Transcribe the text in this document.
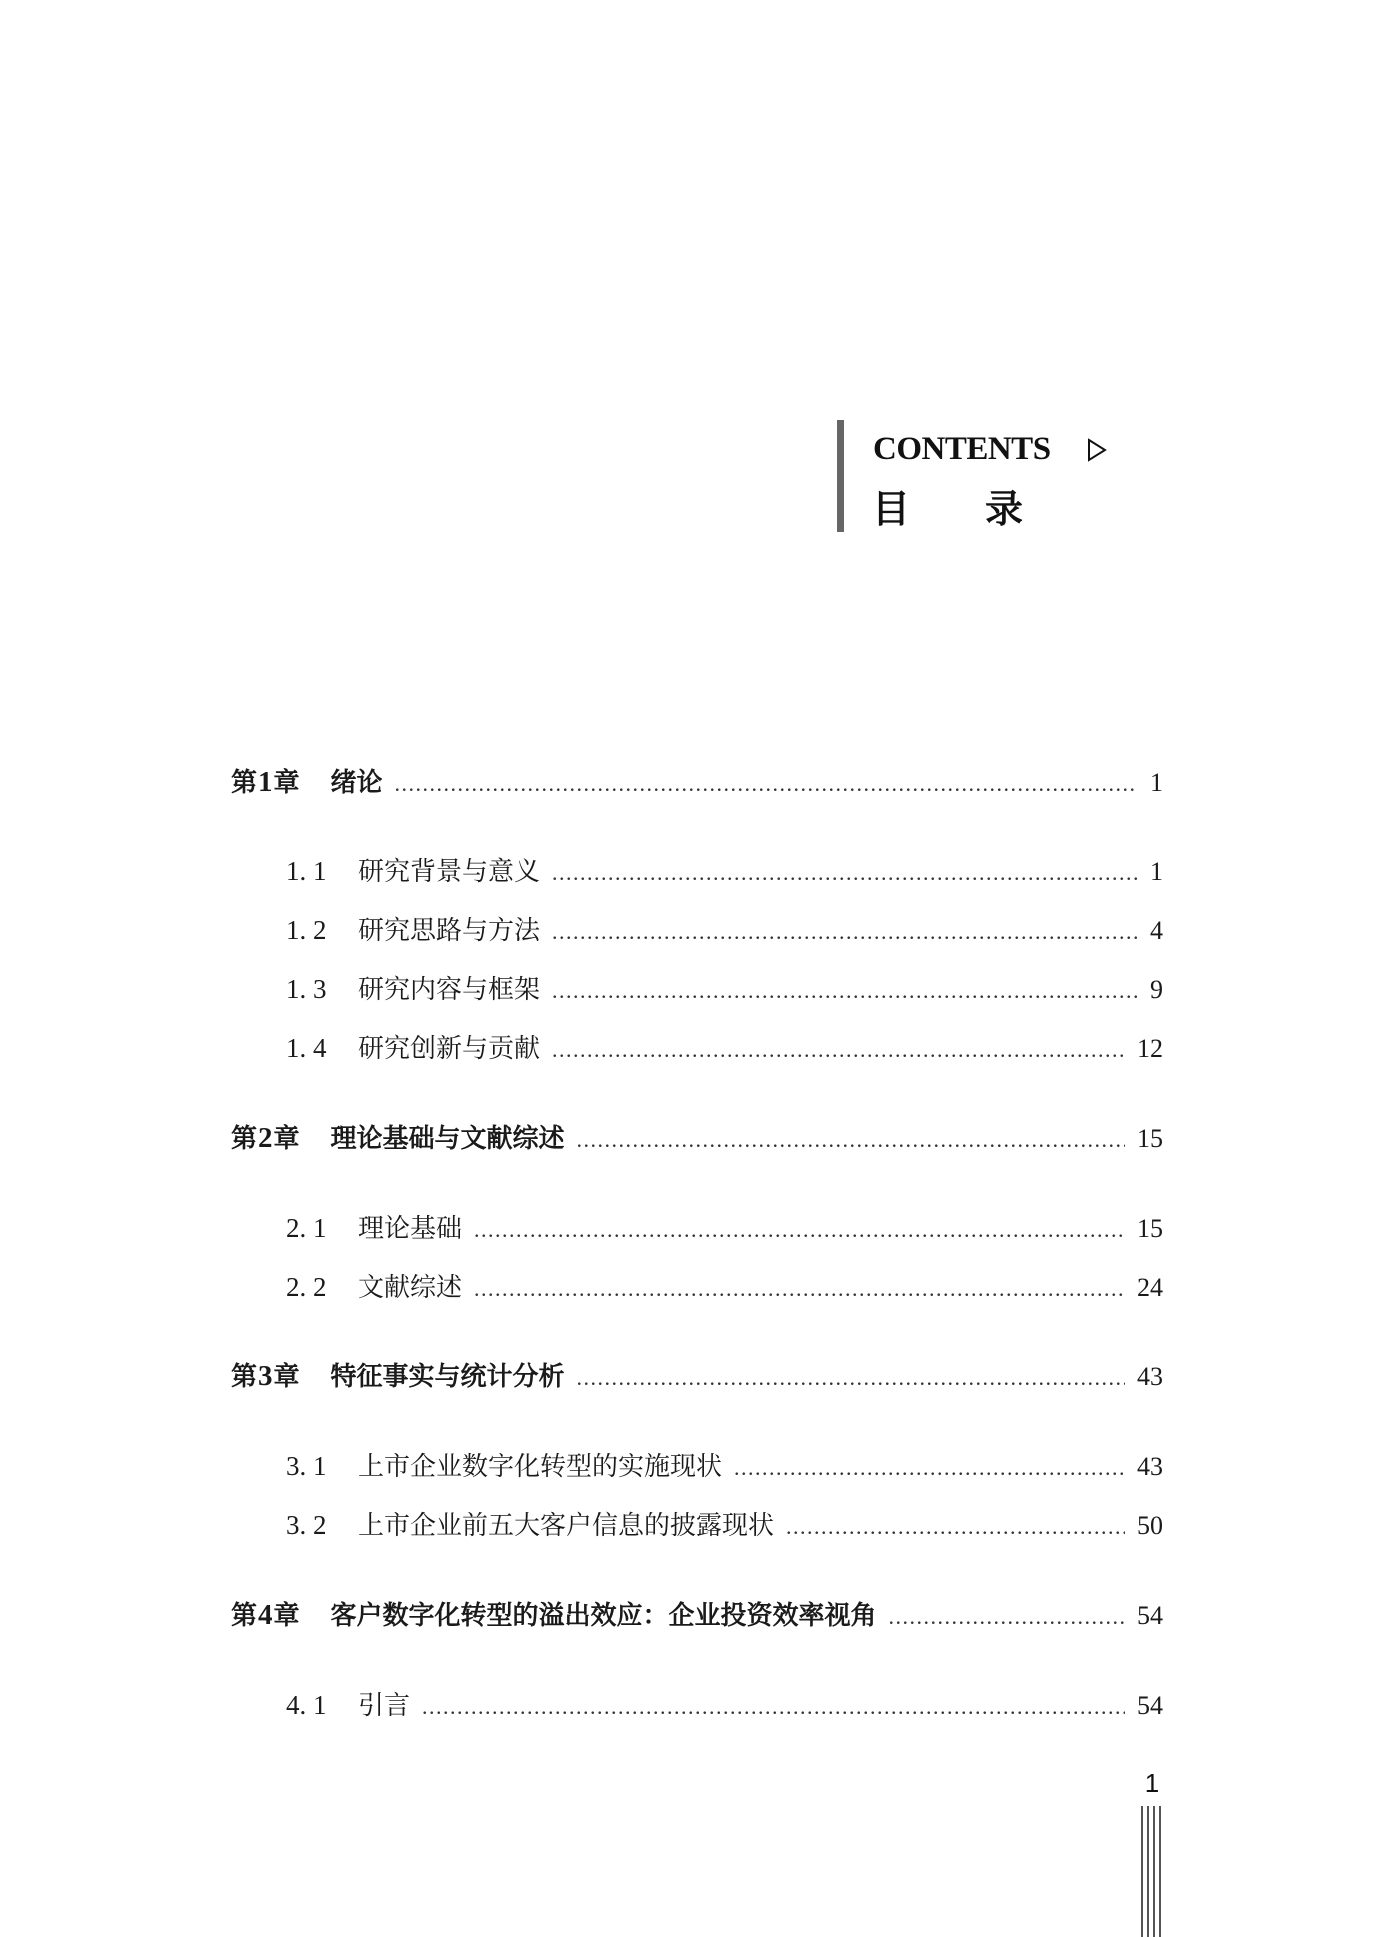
CONTENTS
目录
第1章 绪论 .....	1
1. 1	研究背景与意义 .....	1
1. 2	研究思路与方法 .....	4
1. 3	研究内容与框架 .....	9
1. 4	研究创新与贡献 .....	12
第2章 理论基础与文献综述 .....	15
2. 1	理论基础 .....	15
2. 2	文献综述 .....	24
第3章 特征事实与统计分析 .....	43
3. 1	上市企业数字化转型的实施现状 .....	43
3. 2	上市企业前五大客户信息的披露现状 .....	50
第4章 客户数字化转型的溢出效应：企业投资效率视角 .....	54
4. 1	引言 .....	54
1
